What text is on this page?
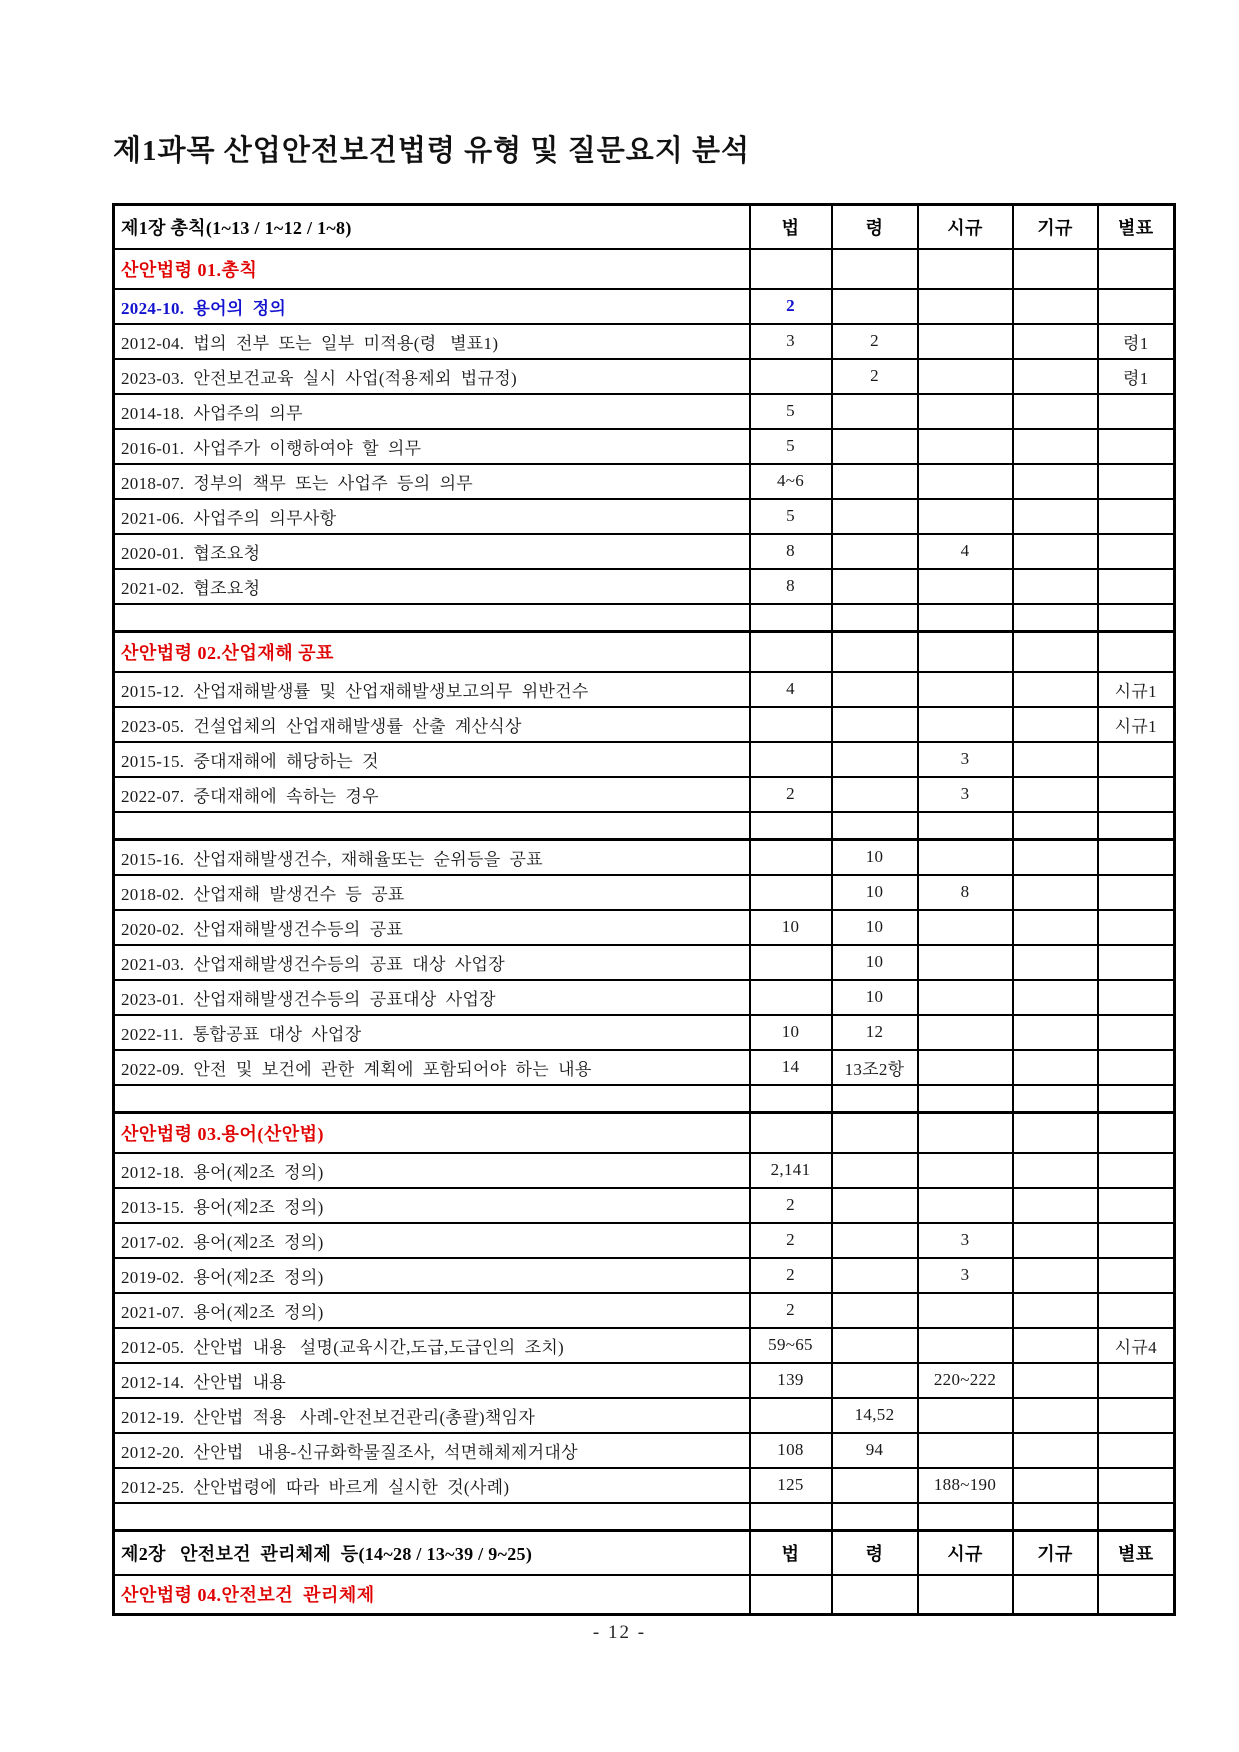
제1과목 산업안전보건법령 유형 및 질문요지 분석
제1장 총칙(1~13 / 1~12 / 1~8)	법	령	시규	기규	별표
산안법령 01.총칙					
2024-10.  용어의  정의	2				
2012-04.  법의  전부  또는  일부  미적용(령   별표1)	3	2			령1
2023-03.  안전보건교육  실시  사업(적용제외  법규정)		2			령1
2014-18.  사업주의  의무	5				
2016-01.  사업주가  이행하여야  할  의무	5				
2018-07.  정부의  책무  또는  사업주  등의  의무	4~6				
2021-06.  사업주의  의무사항	5				
2020-01.  협조요청	8		4		
2021-02.  협조요청	8				

산안법령 02.산업재해 공표					
2015-12.  산업재해발생률  및  산업재해발생보고의무  위반건수	4				시규1
2023-05.  건설업체의  산업재해발생률  산출  계산식상					시규1
2015-15.  중대재해에  해당하는  것			3		
2022-07.  중대재해에  속하는  경우	2		3		

2015-16.  산업재해발생건수,  재해율또는  순위등을  공표		10			
2018-02.  산업재해  발생건수  등  공표		10	8		
2020-02.  산업재해발생건수등의  공표	10	10			
2021-03.  산업재해발생건수등의  공표  대상  사업장		10			
2023-01.  산업재해발생건수등의  공표대상  사업장		10			
2022-11.  통합공표  대상  사업장	10	12			
2022-09.  안전  및  보건에  관한  계획에  포함되어야  하는  내용	14	13조2항			

산안법령 03.용어(산안법)					
2012-18.  용어(제2조  정의)	2,141				
2013-15.  용어(제2조  정의)	2				
2017-02.  용어(제2조  정의)	2		3		
2019-02.  용어(제2조  정의)	2		3		
2021-07.  용어(제2조  정의)	2				
2012-05.  산안법  내용   설명(교육시간,도급,도급인의  조치)	59~65				시규4
2012-14.  산안법  내용	139		220~222		
2012-19.  산안법  적용   사례-안전보건관리(총괄)책임자		14,52			
2012-20.  산안법   내용-신규화학물질조사,  석면해체제거대상	108	94			
2012-25.  산안법령에  따라  바르게  실시한  것(사례)	125		188~190		

제2장   안전보건  관리체제  등(14~28 / 13~39 / 9~25)	법	령	시규	기규	별표
산안법령 04.안전보건  관리체제					
- 12 -
